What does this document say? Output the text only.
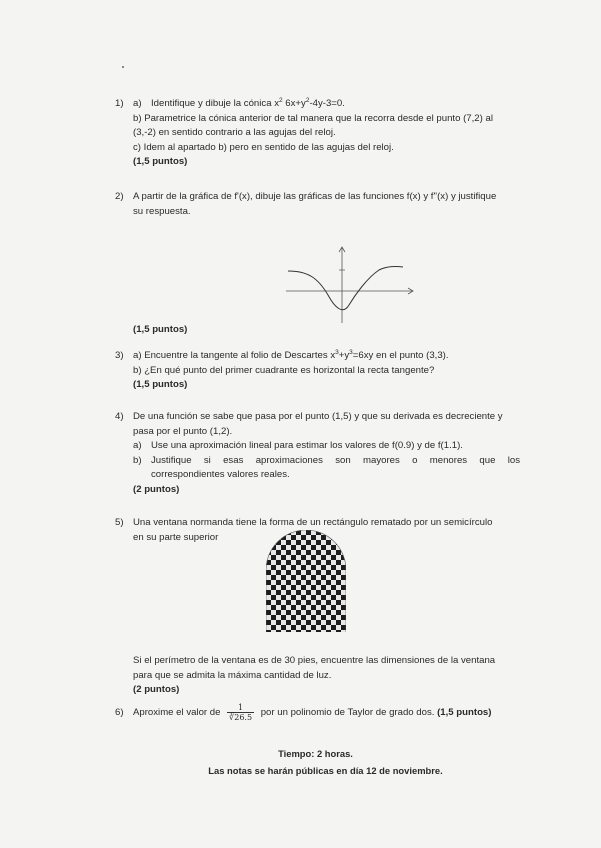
1) a) Identifique y dibuje la cónica $x^2$ $6x+y^2-4y-3=0$.
b) Parametrice la cónica anterior de tal manera que la recorra desde el punto (7,2) al
(3,-2) en sentido contrario a las agujas del reloj.
c) Idem al apartado b) pero en sentido de las agujas del reloj.
(1,5 puntos)
2) A partir de la gráfica de f'(x), dibuje las gráficas de las funciones f(x) y f''(x) y justifique
su respuesta.
(1,5 puntos)
3) a) Encuentre la tangente al folio de Descartes $x^3+y^3=6xy$ en el punto (3,3).
b) ¿En qué punto del primer cuadrante es horizontal la recta tangente?
(1,5 puntos)
4) De una función se sabe que pasa por el punto (1,5) y que su derivada es decreciente y
pasa por el punto (1,2).
a) Use una aproximación lineal para estimar los valores de f(0.9) y de f(1.1).
b) Justifique si esas aproximaciones son mayores o menores que los
correspondientes valores reales.
(2 puntos)
5) Una ventana normanda tiene la forma de un rectángulo rematado por un semicírculo
en su parte superior
Si el perímetro de la ventana es de 30 pies, encuentre las dimensiones de la ventana
para que se admita la máxima cantidad de luz.
(2 puntos)
6) Aproxime el valor de $\frac{1}{∛26.5}$ por un polinomio de Taylor de grado dos. (1,5 puntos)
Tiempo: 2 horas.
Las notas se harán públicas en día 12 de noviembre.
